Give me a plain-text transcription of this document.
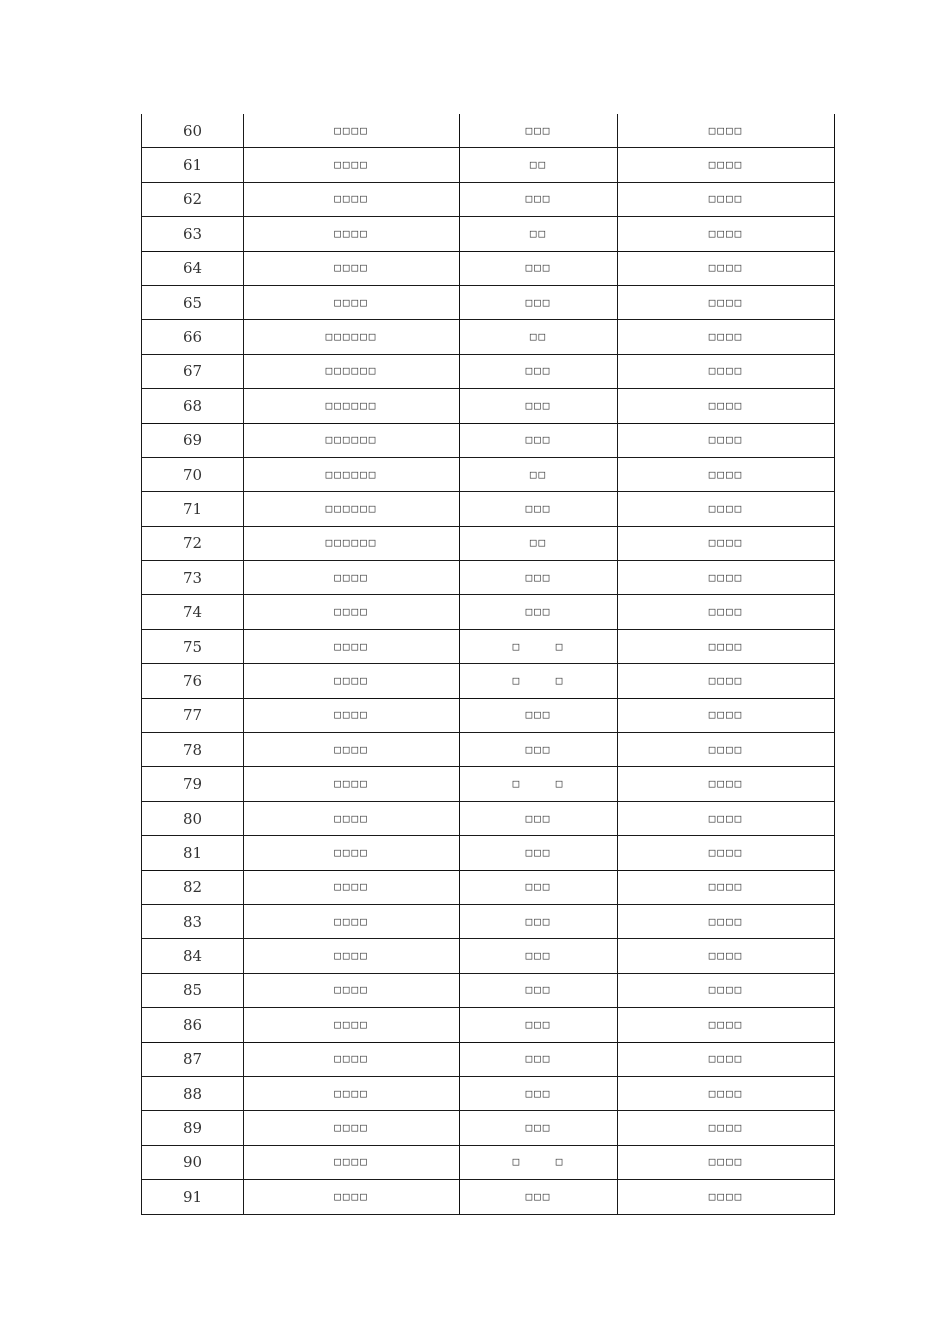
60	□□□□	□□□	□□□□
61	□□□□	□□	□□□□
62	□□□□	□□□	□□□□
63	□□□□	□□	□□□□
64	□□□□	□□□	□□□□
65	□□□□	□□□	□□□□
66	□□□□□□	□□	□□□□
67	□□□□□□	□□□	□□□□
68	□□□□□□	□□□	□□□□
69	□□□□□□	□□□	□□□□
70	□□□□□□	□□	□□□□
71	□□□□□□	□□□	□□□□
72	□□□□□□	□□	□□□□
73	□□□□	□□□	□□□□
74	□□□□	□□□	□□□□
75	□□□□	□    □	□□□□
76	□□□□	□    □	□□□□
77	□□□□	□□□	□□□□
78	□□□□	□□□	□□□□
79	□□□□	□    □	□□□□
80	□□□□	□□□	□□□□
81	□□□□	□□□	□□□□
82	□□□□	□□□	□□□□
83	□□□□	□□□	□□□□
84	□□□□	□□□	□□□□
85	□□□□	□□□	□□□□
86	□□□□	□□□	□□□□
87	□□□□	□□□	□□□□
88	□□□□	□□□	□□□□
89	□□□□	□□□	□□□□
90	□□□□	□    □	□□□□
91	□□□□	□□□	□□□□
